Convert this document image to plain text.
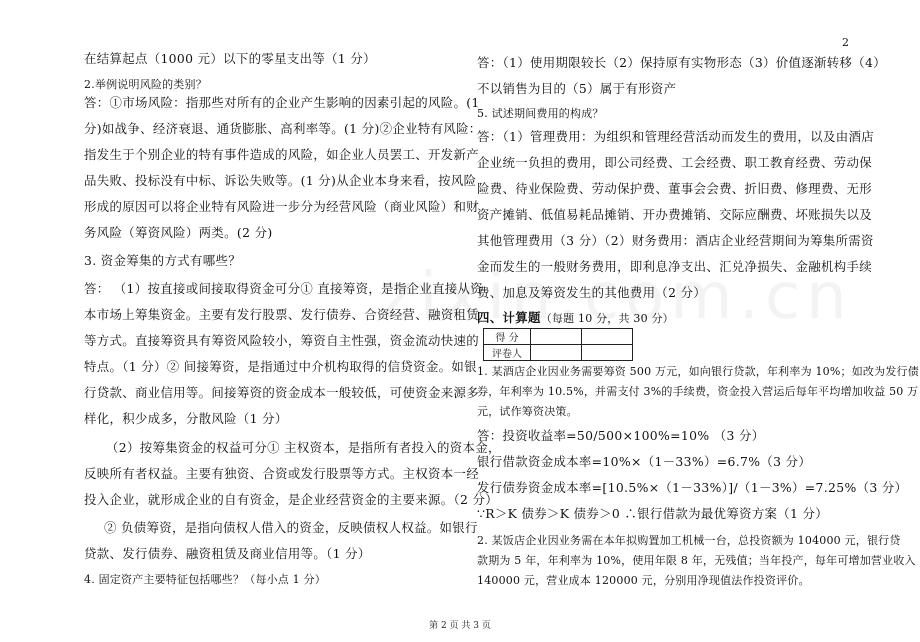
2
在结算起点（1000 元）以下的零星支出等（1 分）
2.举例说明风险的类别？
答：①市场风险：指那些对所有的企业产生影响的因素引起的风险。(1
分)如战争、经济衰退、通货膨胀、高利率等。(1 分)②企业特有风险：
指发生于个别企业的特有事件造成的风险，如企业人员罢工、开发新产
品失败、投标没有中标、诉讼失败等。(1 分)从企业本身来看，按风险
形成的原因可以将企业特有风险进一步分为经营风险（商业风险）和财
务风险（筹资风险）两类。(2 分)
3. 资金筹集的方式有哪些？
答： （1）按直接或间接取得资金可分① 直接筹资，是指企业直接从资
本市场上筹集资金。主要有发行股票、发行债券、合资经营、融资租赁
等方式。直接筹资具有筹资风险较小，筹资自主性强，资金流动快速的
特点。（1 分）② 间接筹资，是指通过中介机构取得的信贷资金。如银
行贷款、商业信用等。间接筹资的资金成本一般较低，可使资金来源多
样化，积少成多，分散风险（1 分）
（2）按筹集资金的权益可分① 主权资本，是指所有者投入的资本金，
反映所有者权益。主要有独资、合资或发行股票等方式。主权资本一经
投入企业，就形成企业的自有资金，是企业经营资金的主要来源。（2 分）
② 负债筹资，是指向债权人借入的资金，反映债权人权益。如银行
贷款、发行债券、融资租赁及商业信用等。（1 分）
4. 固定资产主要特征包括哪些？（每小点 1 分）
答：（1）使用期限较长（2）保持原有实物形态（3）价值逐渐转移（4）
不以销售为目的（5）属于有形资产
5. 试述期间费用的构成？
答：（1）管理费用：为组织和管理经营活动而发生的费用，以及由酒店
企业统一负担的费用，即公司经费、工会经费、职工教育经费、劳动保
险费、待业保险费、劳动保护费、董事会会费、折旧费、修理费、无形
资产摊销、低值易耗品摊销、开办费摊销、交际应酬费、坏账损失以及
其他管理费用（3 分）（2）财务费用：酒店企业经营期间为筹集所需资
金而发生的一般财务费用，即利息净支出、汇兑净损失、金融机构手续
费、加息及筹资发生的其他费用（2 分）
四、计算题（每题 10 分，共 30 分）
得 分		
评卷人		
1. 某酒店企业因业务需要筹资 500 万元，如向银行贷款，年利率为 10%；如改为发行债
券，年利率为 10.5%，并需支付 3%的手续费，资金投入营运后每年平均增加收益 50 万
元，试作筹资决策。
答：投资收益率=50/500×100%=10% （3 分）
银行借款资金成本率=10%×（1－33%）=6.7%（3 分）
发行债券资金成本率=[10.5%×（1－33%）]/（1－3%）=7.25%（3 分）
∵R＞K 债券＞K 债券＞0 ∴银行借款为最优筹资方案（1 分）
2. 某饭店企业因业务需在本年拟购置加工机械一台，总投资额为 104000 元，银行贷
款期为 5 年，年利率为 10%，使用年限 8 年，无残值；当年投产，每年可增加营业收入
140000 元，营业成本 120000 元，分别用净现值法作投资评价。
第 2 页 共 3 页
